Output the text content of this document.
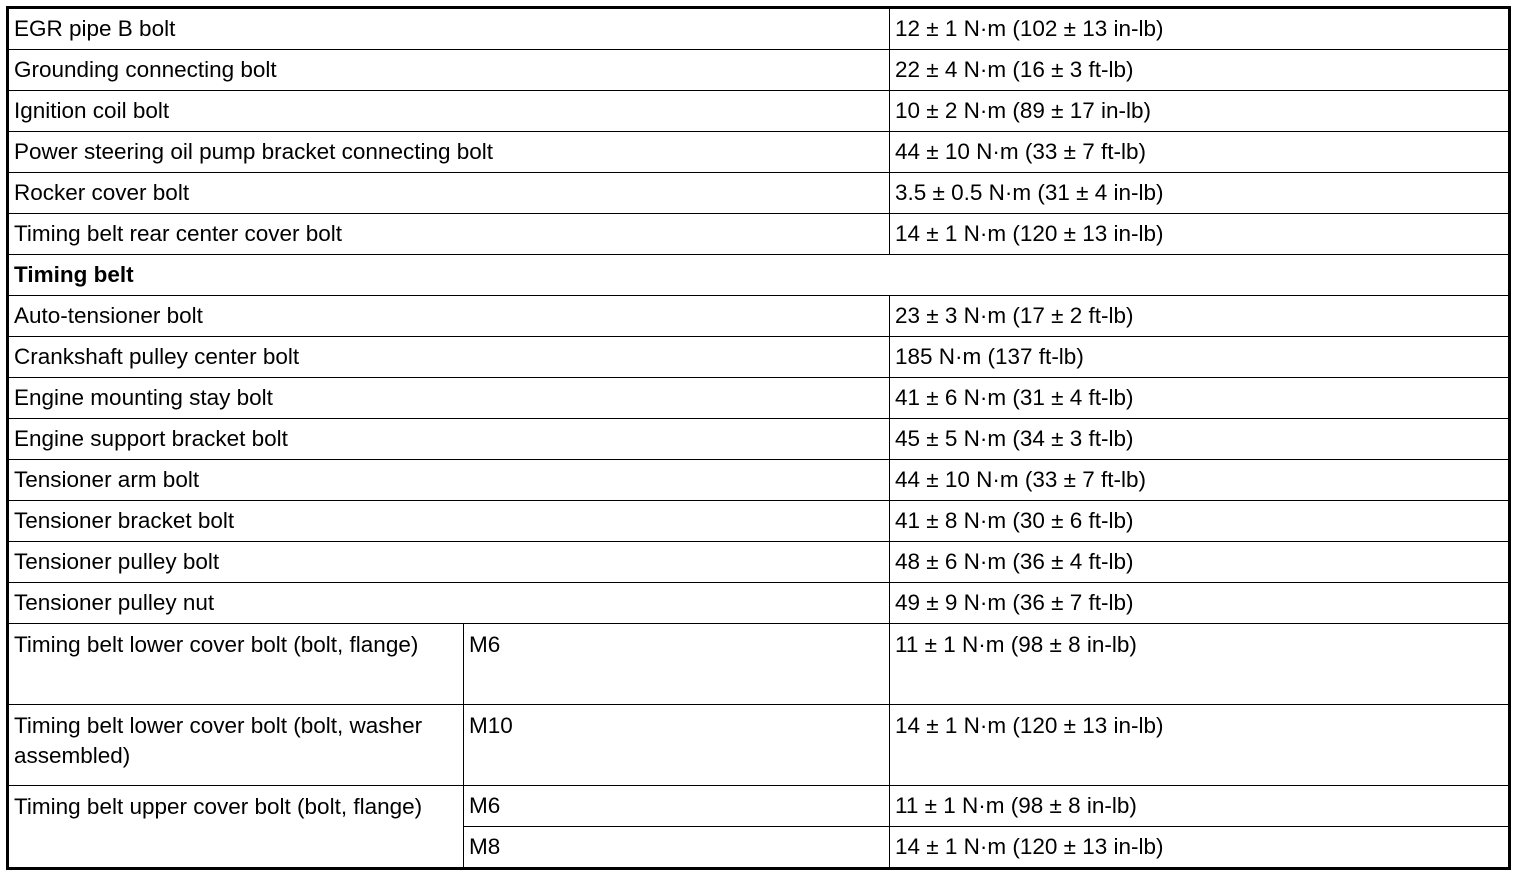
EGR pipe B bolt		12 ± 1 N·m (102 ± 13 in-lb)
Grounding connecting bolt		22 ± 4 N·m (16 ± 3 ft-lb)
Ignition coil bolt		10 ± 2 N·m (89 ± 17 in-lb)
Power steering oil pump bracket connecting bolt		44 ± 10 N·m (33 ± 7 ft-lb)
Rocker cover bolt		3.5 ± 0.5 N·m (31 ± 4 in-lb)
Timing belt rear center cover bolt		14 ± 1 N·m (120 ± 13 in-lb)
Timing belt		
Auto-tensioner bolt		23 ± 3 N·m (17 ± 2 ft-lb)
Crankshaft pulley center bolt		185 N·m (137 ft-lb)
Engine mounting stay bolt		41 ± 6 N·m (31 ± 4 ft-lb)
Engine support bracket bolt		45 ± 5 N·m (34 ± 3 ft-lb)
Tensioner arm bolt		44 ± 10 N·m (33 ± 7 ft-lb)
Tensioner bracket bolt		41 ± 8 N·m (30 ± 6 ft-lb)
Tensioner pulley bolt		48 ± 6 N·m (36 ± 4 ft-lb)
Tensioner pulley nut		49 ± 9 N·m (36 ± 7 ft-lb)
Timing belt lower cover bolt (bolt, flange)	M6	11 ± 1 N·m (98 ± 8 in-lb)
Timing belt lower cover bolt (bolt, washer assembled)	M10	14 ± 1 N·m (120 ± 13 in-lb)
Timing belt upper cover bolt (bolt, flange)	M6	11 ± 1 N·m (98 ± 8 in-lb)
	M8	14 ± 1 N·m (120 ± 13 in-lb)
